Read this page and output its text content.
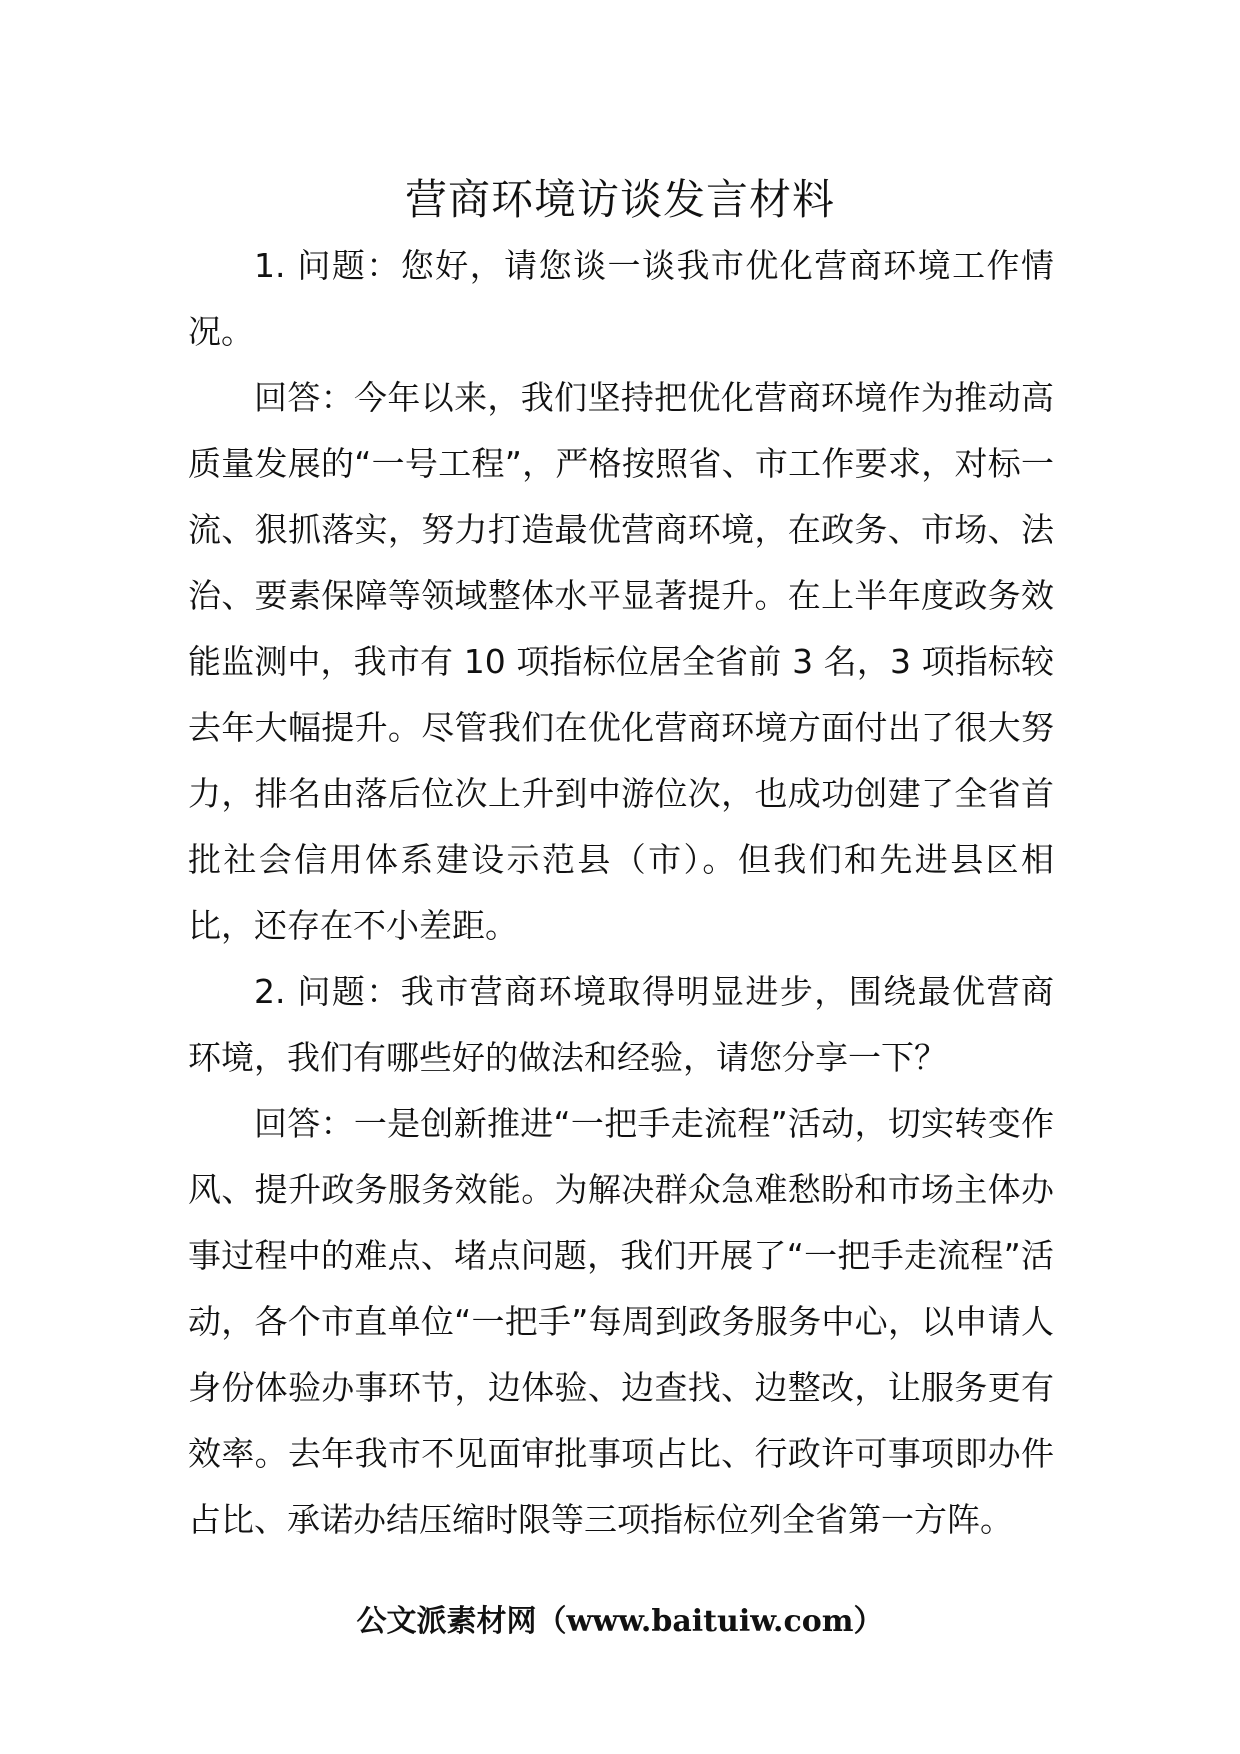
营商环境访谈发言材料

1. 问题：您好，请您谈一谈我市优化营商环境工作情况。

回答：今年以来，我们坚持把优化营商环境作为推动高质量发展的“一号工程”，严格按照省、市工作要求，对标一流、狠抓落实，努力打造最优营商环境，在政务、市场、法治、要素保障等领域整体水平显著提升。在上半年度政务效能监测中，我市有 10 项指标位居全省前 3 名，3 项指标较去年大幅提升。尽管我们在优化营商环境方面付出了很大努力，排名由落后位次上升到中游位次，也成功创建了全省首批社会信用体系建设示范县（市）。但我们和先进县区相比，还存在不小差距。

2. 问题：我市营商环境取得明显进步，围绕最优营商环境，我们有哪些好的做法和经验，请您分享一下？

回答：一是创新推进“一把手走流程”活动，切实转变作风、提升政务服务效能。为解决群众急难愁盼和市场主体办事过程中的难点、堵点问题，我们开展了“一把手走流程”活动，各个市直单位“一把手”每周到政务服务中心，以申请人身份体验办事环节，边体验、边查找、边整改，让服务更有效率。去年我市不见面审批事项占比、行政许可事项即办件占比、承诺办结压缩时限等三项指标位列全省第一方阵。

公文派素材网（www.baituiw.com）
